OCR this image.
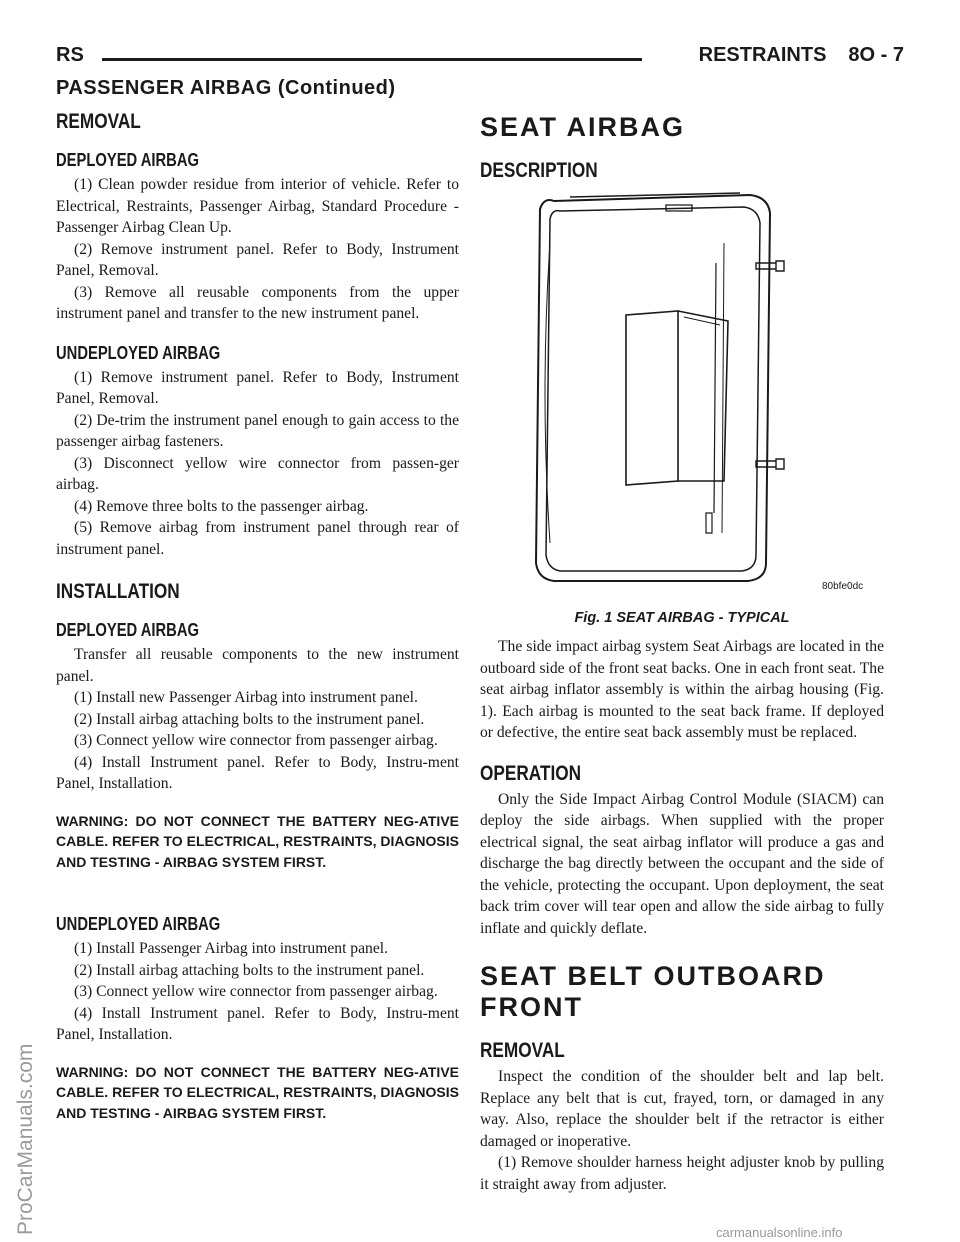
RS	RESTRAINTS 8O - 7
PASSENGER AIRBAG (Continued)
REMOVAL
DEPLOYED AIRBAG

(1) Clean powder residue from interior of vehicle. Refer to Electrical, Restraints, Passenger Airbag, Standard Procedure - Passenger Airbag Clean Up.

(2) Remove instrument panel. Refer to Body, Instrument Panel, Removal.

(3) Remove all reusable components from the upper instrument panel and transfer to the new instrument panel.

UNDEPLOYED AIRBAG

(1) Remove instrument panel. Refer to Body, Instrument Panel, Removal.

(2) De-trim the instrument panel enough to gain access to the passenger airbag fasteners.

(3) Disconnect yellow wire connector from passen-ger airbag.

(4) Remove three bolts to the passenger airbag.

(5) Remove airbag from instrument panel through rear of instrument panel.

INSTALLATION
DEPLOYED AIRBAG

Transfer all reusable components to the new instrument panel.

(1) Install new Passenger Airbag into instrument panel.

(2) Install airbag attaching bolts to the instrument panel.

(3) Connect yellow wire connector from passenger airbag.

(4) Install Instrument panel. Refer to Body, Instru-ment Panel, Installation.

WARNING: DO NOT CONNECT THE BATTERY NEG-ATIVE CABLE. REFER TO ELECTRICAL, RESTRAINTS, DIAGNOSIS AND TESTING - AIRBAG SYSTEM FIRST.

UNDEPLOYED AIRBAG

(1) Install Passenger Airbag into instrument panel.

(2) Install airbag attaching bolts to the instrument panel.

(3) Connect yellow wire connector from passenger airbag.

(4) Install Instrument panel. Refer to Body, Instru-ment Panel, Installation.

WARNING: DO NOT CONNECT THE BATTERY NEG-ATIVE CABLE. REFER TO ELECTRICAL, RESTRAINTS, DIAGNOSIS AND TESTING - AIRBAG SYSTEM FIRST.

SEAT AIRBAG
DESCRIPTION
80bfe0dc

Fig. 1 SEAT AIRBAG - TYPICAL

The side impact airbag system Seat Airbags are located in the outboard side of the front seat backs. One in each front seat. The seat airbag inflator assembly is within the airbag housing (Fig. 1). Each airbag is mounted to the seat back frame. If deployed or defective, the entire seat back assembly must be replaced.

OPERATION

Only the Side Impact Airbag Control Module (SIACM) can deploy the side airbags. When supplied with the proper electrical signal, the seat airbag inflator will produce a gas and discharge the bag directly between the occupant and the side of the vehicle, protecting the occupant. Upon deployment, the seat back trim cover will tear open and allow the side airbag to fully inflate and quickly deflate.

SEAT BELT OUTBOARD
FRONT
REMOVAL

Inspect the condition of the shoulder belt and lap belt. Replace any belt that is cut, frayed, torn, or damaged in any way. Also, replace the shoulder belt if the retractor is either damaged or inoperative.

(1) Remove shoulder harness height adjuster knob by pulling it straight away from adjuster.

ProCarManuals.com	carmanualsonline.info
